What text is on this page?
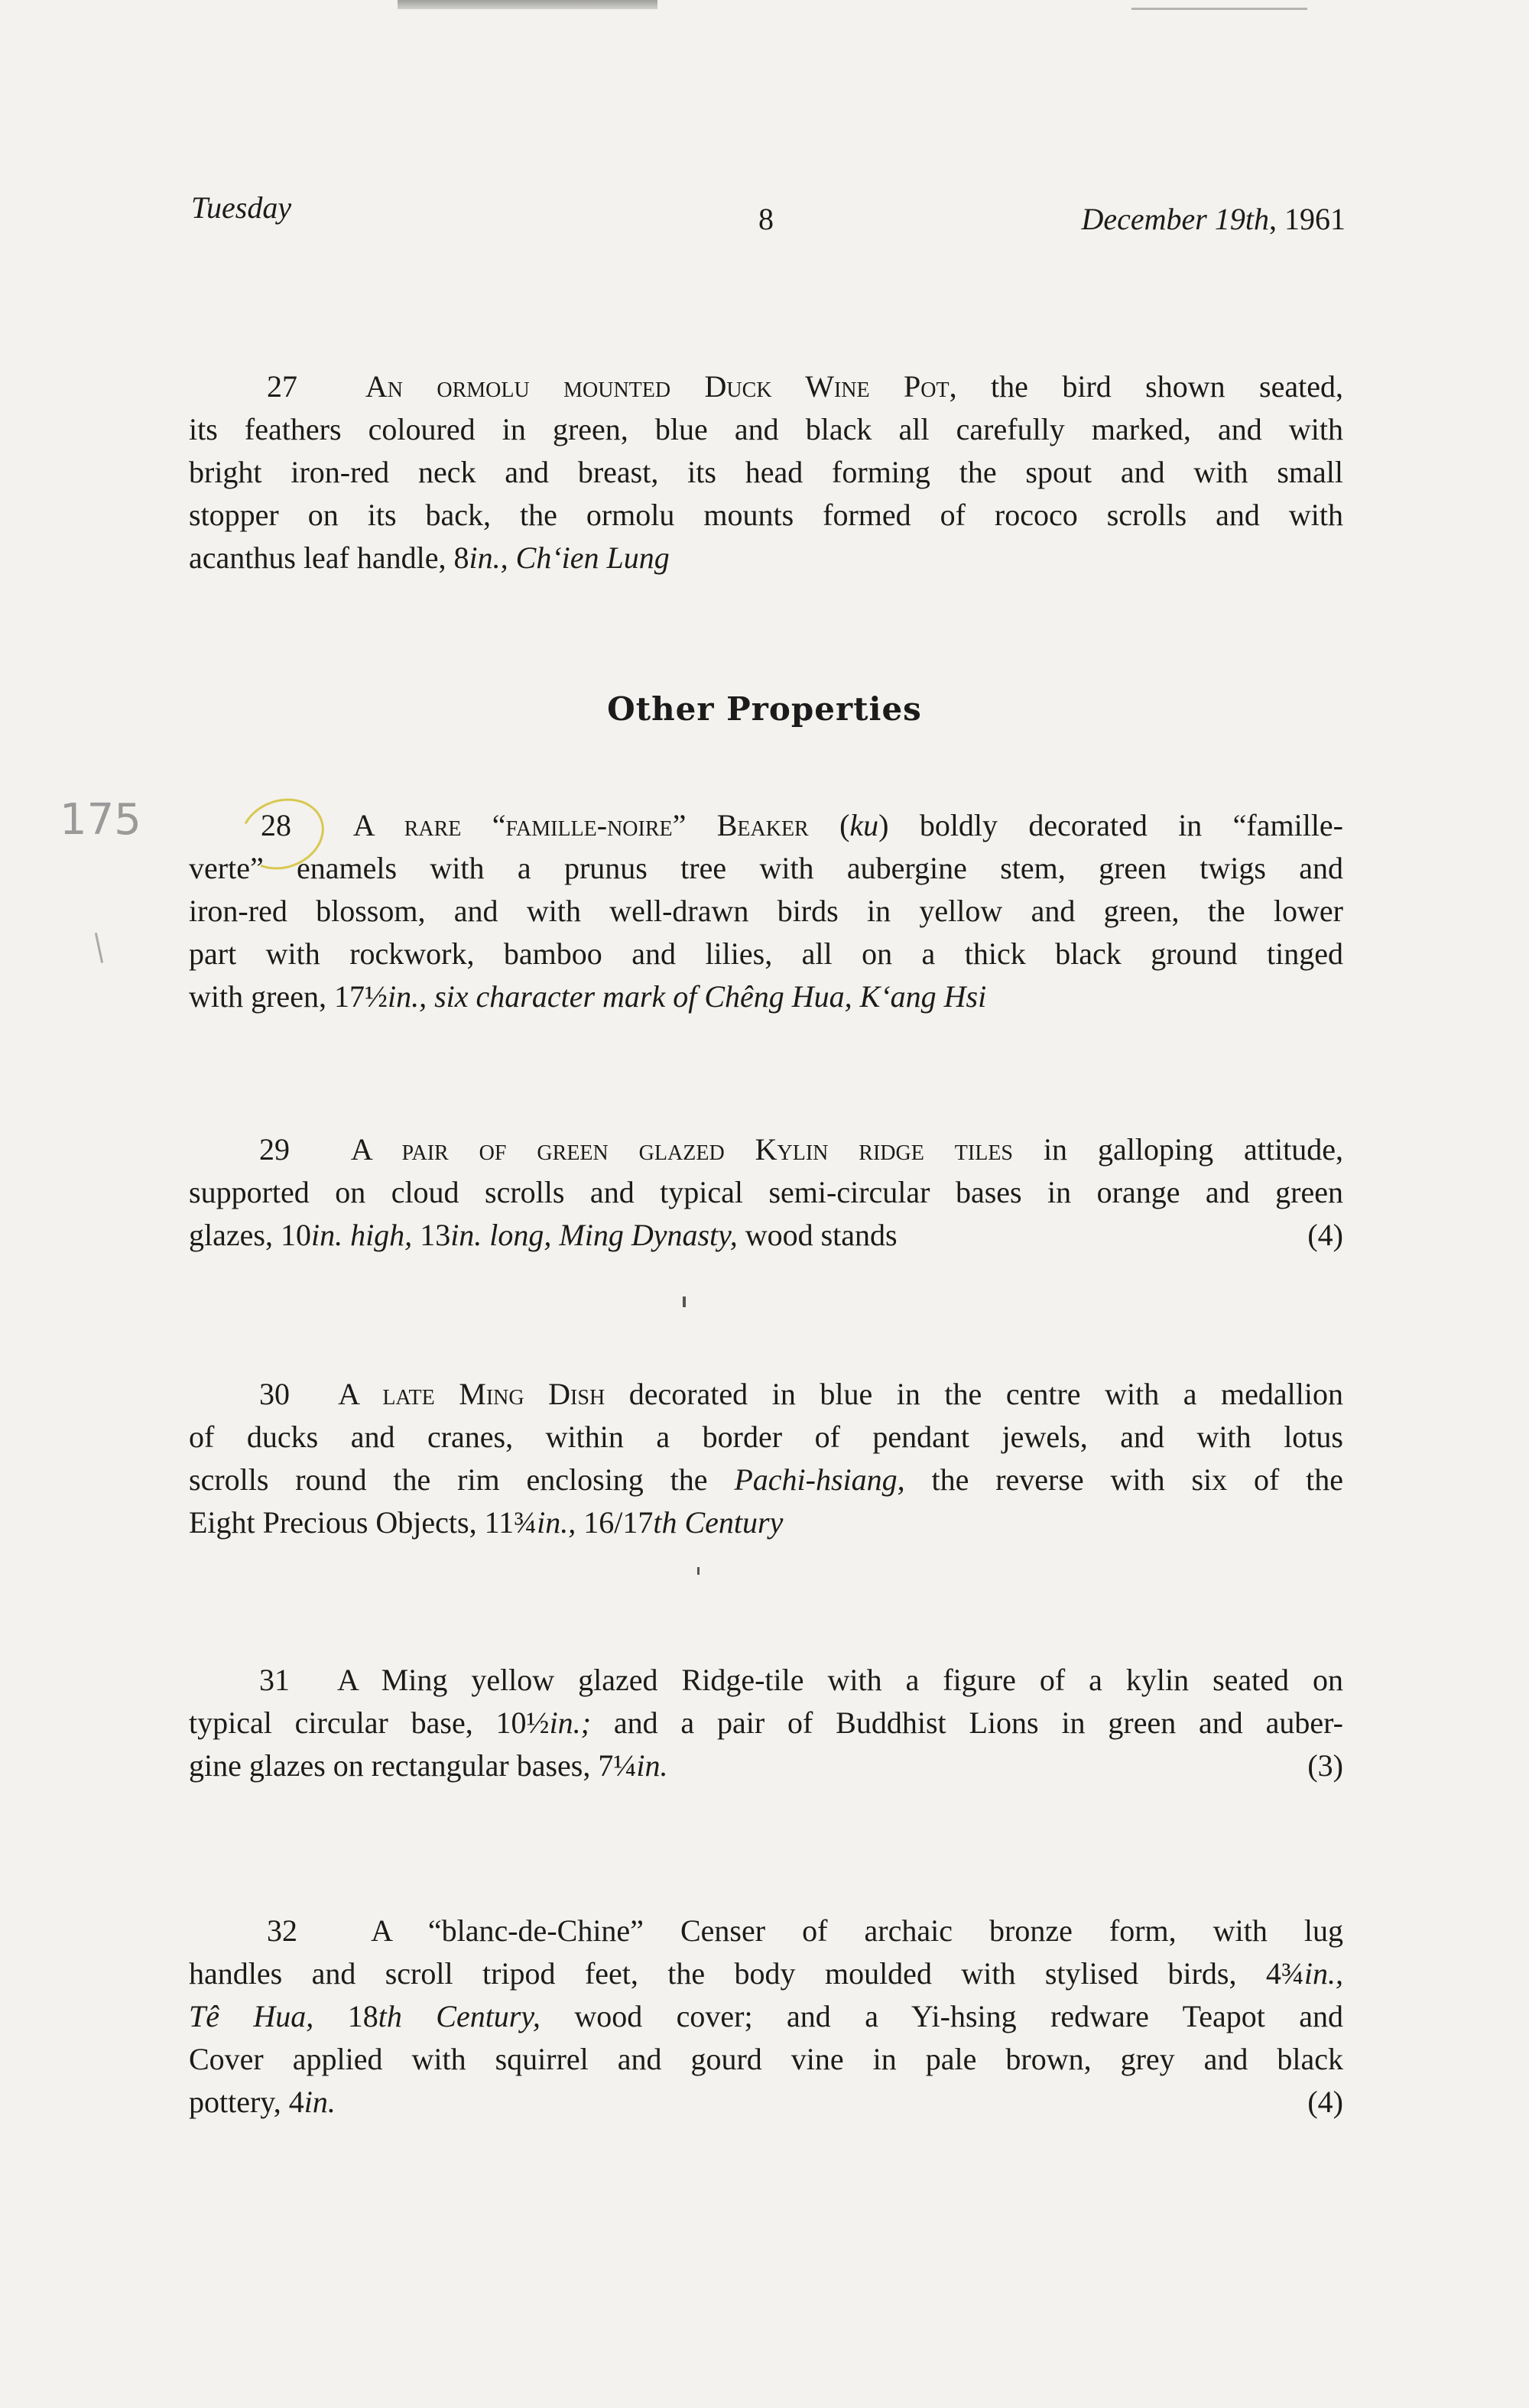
Tuesday	8	December 19th, 1961
27 An ormolu mounted Duck Wine Pot, the bird shown seated,
its feathers coloured in green, blue and black all carefully marked, and with
bright iron-red neck and breast, its head forming the spout and with small
stopper on its back, the ormolu mounts formed of rococo scrolls and with
acanthus leaf handle, 8in., Ch‘ien Lung
Other Properties
175	28 A rare “famille-noire” Beaker (ku) boldly decorated in “famille-
verte” enamels with a prunus tree with aubergine stem, green twigs and
iron-red blossom, and with well-drawn birds in yellow and green, the lower
part with rockwork, bamboo and lilies, all on a thick black ground tinged
with green, 17½in., six character mark of Chêng Hua, K‘ang Hsi
29 A pair of green glazed Kylin ridge tiles in galloping attitude,
supported on cloud scrolls and typical semi-circular bases in orange and green
glazes, 10in. high, 13in. long, Ming Dynasty, wood stands	(4)
30 A late Ming Dish decorated in blue in the centre with a medallion
of ducks and cranes, within a border of pendant jewels, and with lotus
scrolls round the rim enclosing the Pachi-hsiang, the reverse with six of the
Eight Precious Objects, 11¾in., 16/17th Century
31 A Ming yellow glazed Ridge-tile with a figure of a kylin seated on
typical circular base, 10½in.; and a pair of Buddhist Lions in green and auber-
gine glazes on rectangular bases, 7¼in.	(3)
32 A “blanc-de-Chine” Censer of archaic bronze form, with lug
handles and scroll tripod feet, the body moulded with stylised birds, 4¾in.,
Tê Hua, 18th Century, wood cover; and a Yi-hsing redware Teapot and
Cover applied with squirrel and gourd vine in pale brown, grey and black
pottery, 4in.	(4)
